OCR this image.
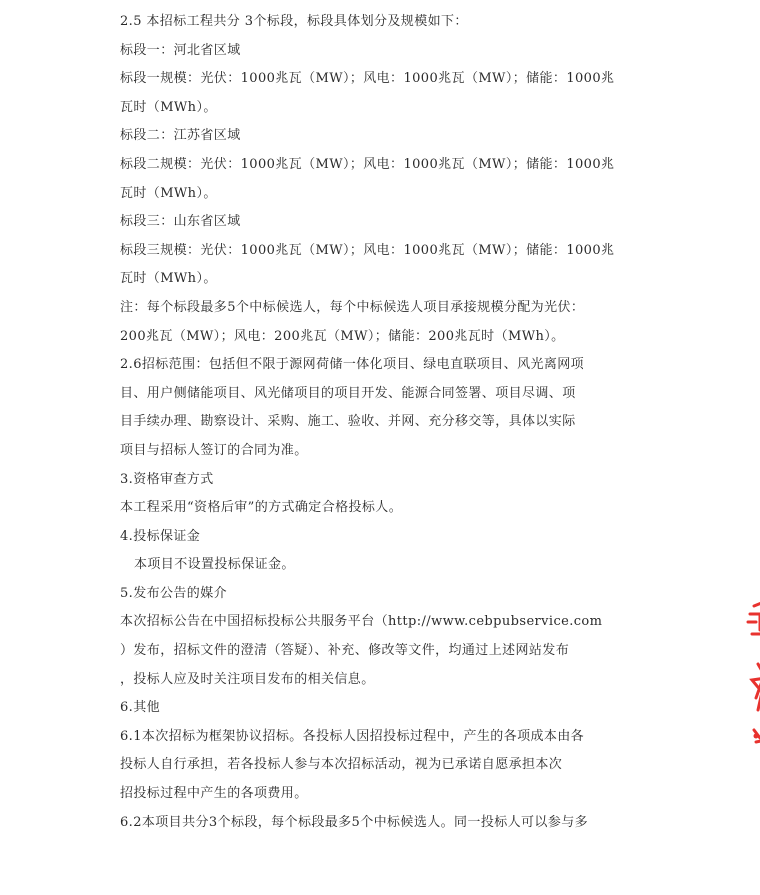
2.5 本招标工程共分 3个标段，标段具体划分及规模如下：
标段一：河北省区域
标段一规模：光伏：1000兆瓦（MW）；风电：1000兆瓦（MW）；储能：1000兆
瓦时（MWh）。
标段二：江苏省区域
标段二规模：光伏：1000兆瓦（MW）；风电：1000兆瓦（MW）；储能：1000兆
瓦时（MWh）。
标段三：山东省区域
标段三规模：光伏：1000兆瓦（MW）；风电：1000兆瓦（MW）；储能：1000兆
瓦时（MWh）。
注：每个标段最多5个中标候选人，每个中标候选人项目承接规模分配为光伏：
200兆瓦（MW）；风电：200兆瓦（MW）；储能：200兆瓦时（MWh）。
2.6招标范围：包括但不限于源网荷储一体化项目、绿电直联项目、风光离网项
目、用户侧储能项目、风光储项目的项目开发、能源合同签署、项目尽调、项
目手续办理、勘察设计、采购、施工、验收、并网、充分移交等，具体以实际
项目与招标人签订的合同为准。
3.资格审查方式
本工程采用“资格后审”的方式确定合格投标人。
4.投标保证金
本项目不设置投标保证金。
5.发布公告的媒介
本次招标公告在中国招标投标公共服务平台（http://www.cebpubservice.com
）发布，招标文件的澄清（答疑）、补充、修改等文件，均通过上述网站发布
，投标人应及时关注项目发布的相关信息。
6.其他
6.1本次招标为框架协议招标。各投标人因招投标过程中，产生的各项成本由各
投标人自行承担，若各投标人参与本次招标活动，视为已承诺自愿承担本次
招投标过程中产生的各项费用。
6.2本项目共分3个标段，每个标段最多5个中标候选人。同一投标人可以参与多
